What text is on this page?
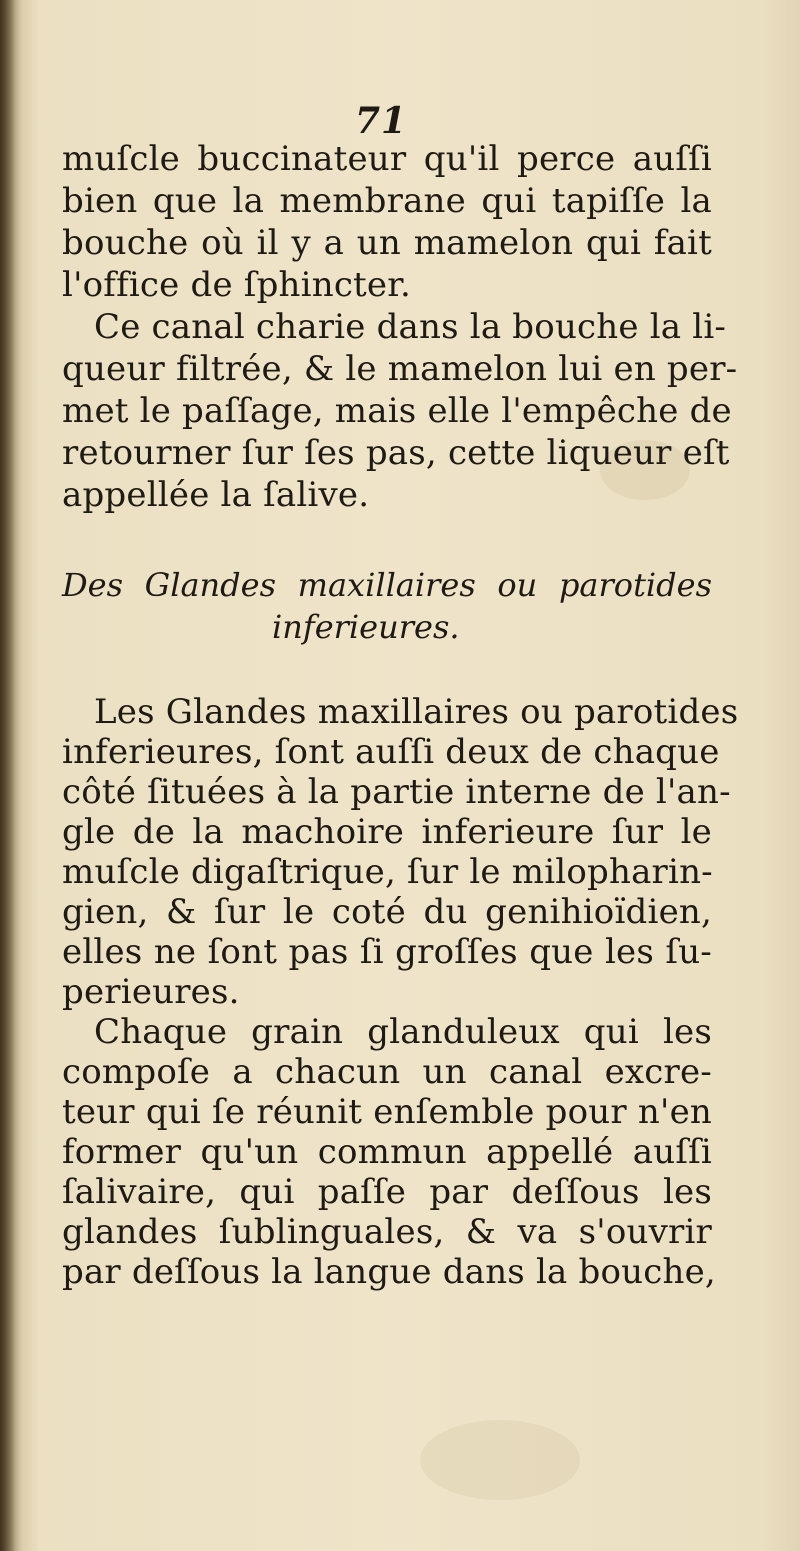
71
muſcle buccinateur qu'il perce auſſi
bien que la membrane qui tapiſſe la
bouche où il y a un mamelon qui fait
l'office de ſphincter.
Ce canal charie dans la bouche la li-
queur filtrée, & le mamelon lui en per-
met le paſſage, mais elle l'empêche de
retourner ſur ſes pas, cette liqueur eſt
appellée la ſalive.
Des Glandes maxillaires ou parotides
inferieures.
Les Glandes maxillaires ou parotides
inferieures, ſont auſſi deux de chaque
côté ſituées à la partie interne de l'an-
gle de la machoire inferieure ſur le
muſcle digaſtrique, ſur le milopharin-
gien, & ſur le coté du genihioïdien,
elles ne ſont pas ſi groſſes que les ſu-
perieures.
Chaque grain glanduleux qui les
compoſe a chacun un canal excre-
teur qui ſe réunit enſemble pour n'en
former qu'un commun appellé auſſi
ſalivaire, qui paſſe par deſſous les
glandes ſublinguales, & va s'ouvrir
par deſſous la langue dans la bouche,
